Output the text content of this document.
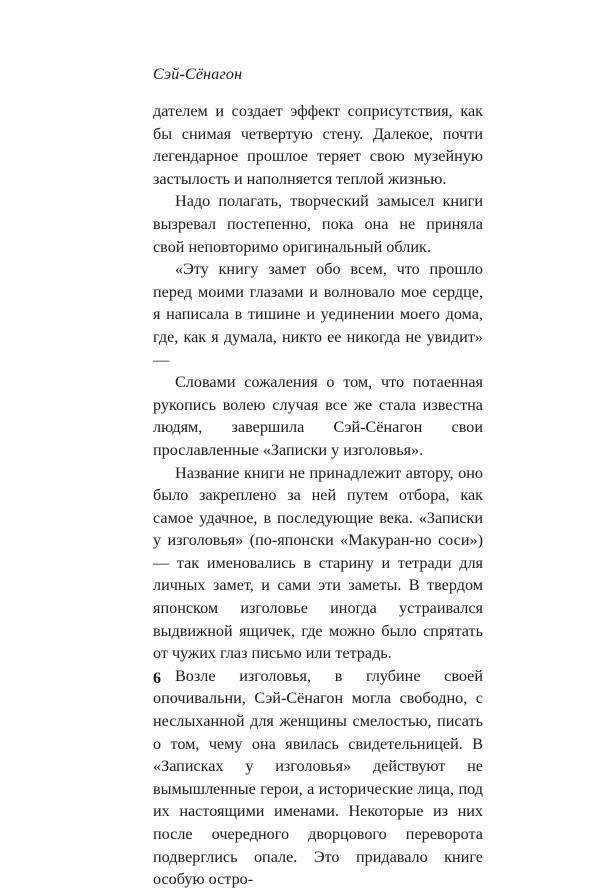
Сэй-Сёнагон

дателем и создает эффект соприсутствия, как бы снимая четвертую стену. Далекое, почти легендарное прошлое теряет свою музейную застылость и наполняется теплой жизнью.

Надо полагать, творческий замысел книги вызревал постепенно, пока она не приняла свой неповторимо оригинальный облик.

«Эту книгу замет обо всем, что прошло перед моими глазами и волновало мое сердце, я написала в тишине и уединении моего дома, где, как я думала, никто ее никогда не увидит» —

Словами сожаления о том, что потаенная рукопись волею случая все же стала известна людям, завершила Сэй-Сёнагон свои прославленные «Записки у изголовья».

Название книги не принадлежит автору, оно было закреплено за ней путем отбора, как самое удачное, в последующие века. «Записки у изголовья» (по-японски «Макуран-но соси») — так именовались в старину и тетради для личных замет, и сами эти заметы. В твердом японском изголовье иногда устраивался выдвижной ящичек, где можно было спрятать от чужих глаз письмо или тетрадь.

Возле изголовья, в глубине своей опочивальни, Сэй-Сёнагон могла свободно, с неслыханной для женщины смелостью, писать о том, чему она явилась свидетельницей. В «Записках у изголовья» действуют не вымышленные герои, а исторические лица, под их настоящими именами. Некоторые из них после очередного дворцового переворота подверглись опале. Это придавало книге особую остро-

6
